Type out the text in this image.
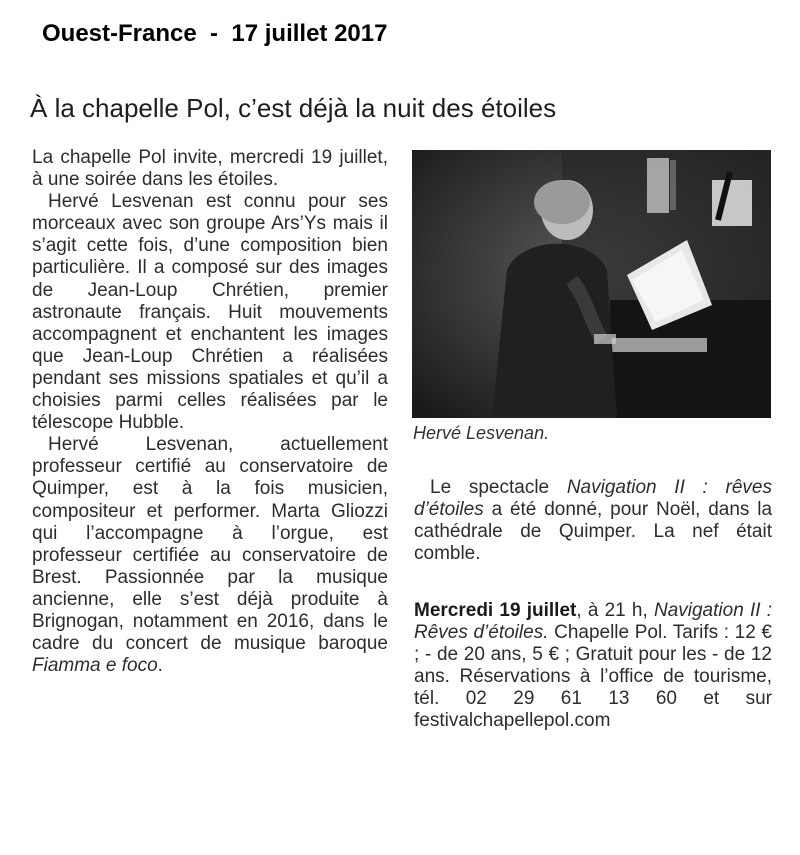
Ouest-France  -  17 juillet 2017
À la chapelle Pol, c’est déjà la nuit des étoiles

La chapelle Pol invite, mercredi 19 juillet, à une soirée dans les étoiles.

Hervé Lesvenan est connu pour ses morceaux avec son groupe Ars’Ys mais il s’agit cette fois, d’une composition bien particulière. Il a composé sur des images de Jean-Loup Chrétien, premier astronaute français. Huit mouvements accompagnent et enchantent les images que Jean-Loup Chrétien a réalisées pendant ses missions spatiales et qu’il a choisies parmi celles réalisées par le télescope Hubble.

Hervé Lesvenan, actuellement professeur certifié au conservatoire de Quimper, est à la fois musicien, compositeur et performer. Marta Gliozzi qui l’accompagne à l’orgue, est professeur certifiée au conservatoire de Brest. Passionnée par la musique ancienne, elle s’est déjà produite à Brignogan, notamment en 2016, dans le cadre du concert de musique baroque Fiamma e foco.

Hervé Lesvenan.

Le spectacle Navigation II : rêves d’étoiles a été donné, pour Noël, dans la cathédrale de Quimper. La nef était comble.

Mercredi 19 juillet, à 21 h, Navigation II : Rêves d’étoiles. Chapelle Pol. Tarifs : 12 € ; - de 20 ans, 5 € ; Gratuit pour les - de 12 ans. Réservations à l’office de tourisme, tél. 02 29 61 13 60 et sur festivalchapellepol.com
